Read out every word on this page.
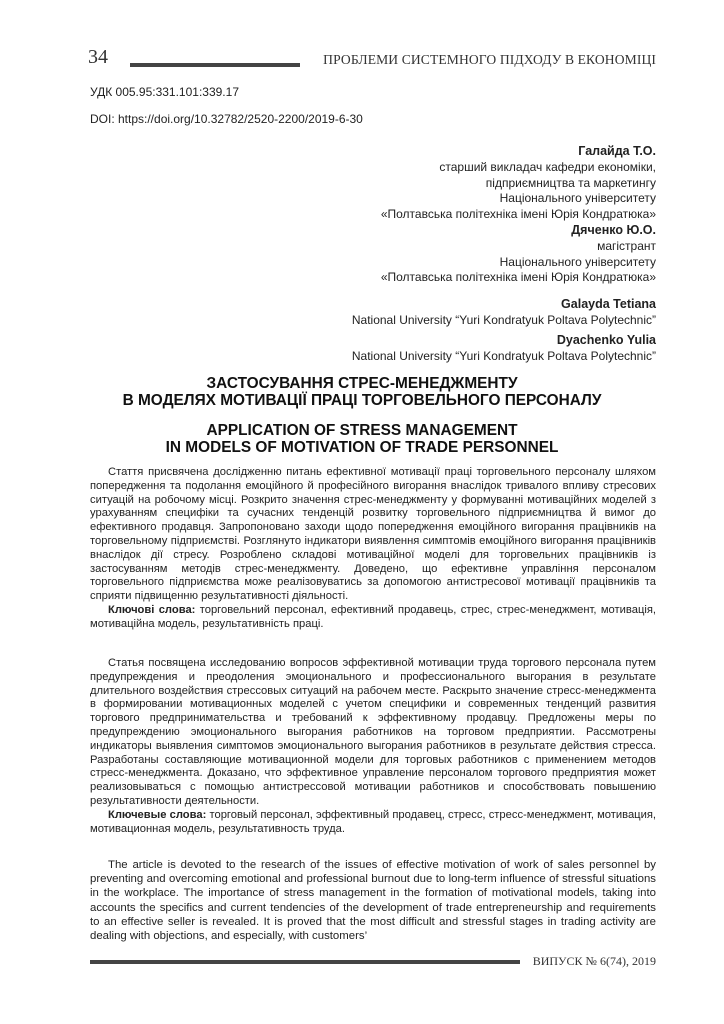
34	ПРОБЛЕМИ СИСТЕМНОГО ПІДХОДУ В ЕКОНОМІЦІ
УДК 005.95:331.101:339.17
DOI: https://doi.org/10.32782/2520-2200/2019-6-30
Галайда Т.О.
старший викладач кафедри економіки,
підприємництва та маркетингу
Національного університету
«Полтавська політехніка імені Юрія Кондратюка»
Дяченко Ю.О.
магістрант
Національного університету
«Полтавська політехніка імені Юрія Кондратюка»
Galayda Tetiana
National University “Yuri Kondratyuk Poltava Polytechnic”
Dyachenko Yulia
National University “Yuri Kondratyuk Poltava Polytechnic”
ЗАСТОСУВАННЯ СТРЕС-МЕНЕДЖМЕНТУ
В МОДЕЛЯХ МОТИВАЦІЇ ПРАЦІ ТОРГОВЕЛЬНОГО ПЕРСОНАЛУ
APPLICATION OF STRESS MANAGEMENT
IN MODELS OF MOTIVATION OF TRADE PERSONNEL

Стаття присвячена дослідженню питань ефективної мотивації праці торговельного персоналу шляхом попередження та подолання емоційного й професійного вигорання внаслідок тривалого впливу стресових ситуацій на робочому місці. Розкрито значення стрес-менеджменту у формуванні мотиваційних моделей з урахуванням специфіки та сучасних тенденцій розвитку торговельного підприємництва й вимог до ефективного продавця. Запропоновано заходи щодо попередження емоційного вигорання працівників на торговельному підприємстві. Розглянуто індикатори виявлення симптомів емоційного вигорання працівників внаслідок дії стресу. Розроблено складові мотиваційної моделі для торговельних працівників із застосуванням методів стрес-менеджменту. Доведено, що ефективне управління персоналом торговельного підприємства може реалізовуватись за допомогою антистресової мотивації працівників та сприяти підвищенню результативності діяльності.

Ключові слова: торговельний персонал, ефективний продавець, стрес, стрес-менеджмент, мотивація, мотиваційна модель, результативність праці.

Статья посвящена исследованию вопросов эффективной мотивации труда торгового персонала путем предупреждения и преодоления эмоционального и профессионального выгорания в результате длительного воздействия стрессовых ситуаций на рабочем месте. Раскрыто значение стресс-менеджмента в формировании мотивационных моделей с учетом специфики и современных тенденций развития торгового предпринимательства и требований к эффективному продавцу. Предложены меры по предупреждению эмоционального выгорания работников на торговом предприятии. Рассмотрены индикаторы выявления симптомов эмоционального выгорания работников в результате действия стресса. Разработаны составляющие мотивационной модели для торговых работников с применением методов стресс-менеджмента. Доказано, что эффективное управление персоналом торгового предприятия может реализовываться с помощью антистрессовой мотивации работников и способствовать повышению результативности деятельности.

Ключевые слова: торговый персонал, эффективный продавец, стресс, стресс-менеджмент, мотивация, мотивационная модель, результативность труда.

The article is devoted to the research of the issues of effective motivation of work of sales personnel by preventing and overcoming emotional and professional burnout due to long-term influence of stressful situations in the workplace. The importance of stress management in the formation of motivational models, taking into accounts the specifics and current tendencies of the development of trade entrepreneurship and requirements to an effective seller is revealed. It is proved that the most difficult and stressful stages in trading activity are dealing with objections, and especially, with customers’

ВИПУСК № 6(74), 2019
